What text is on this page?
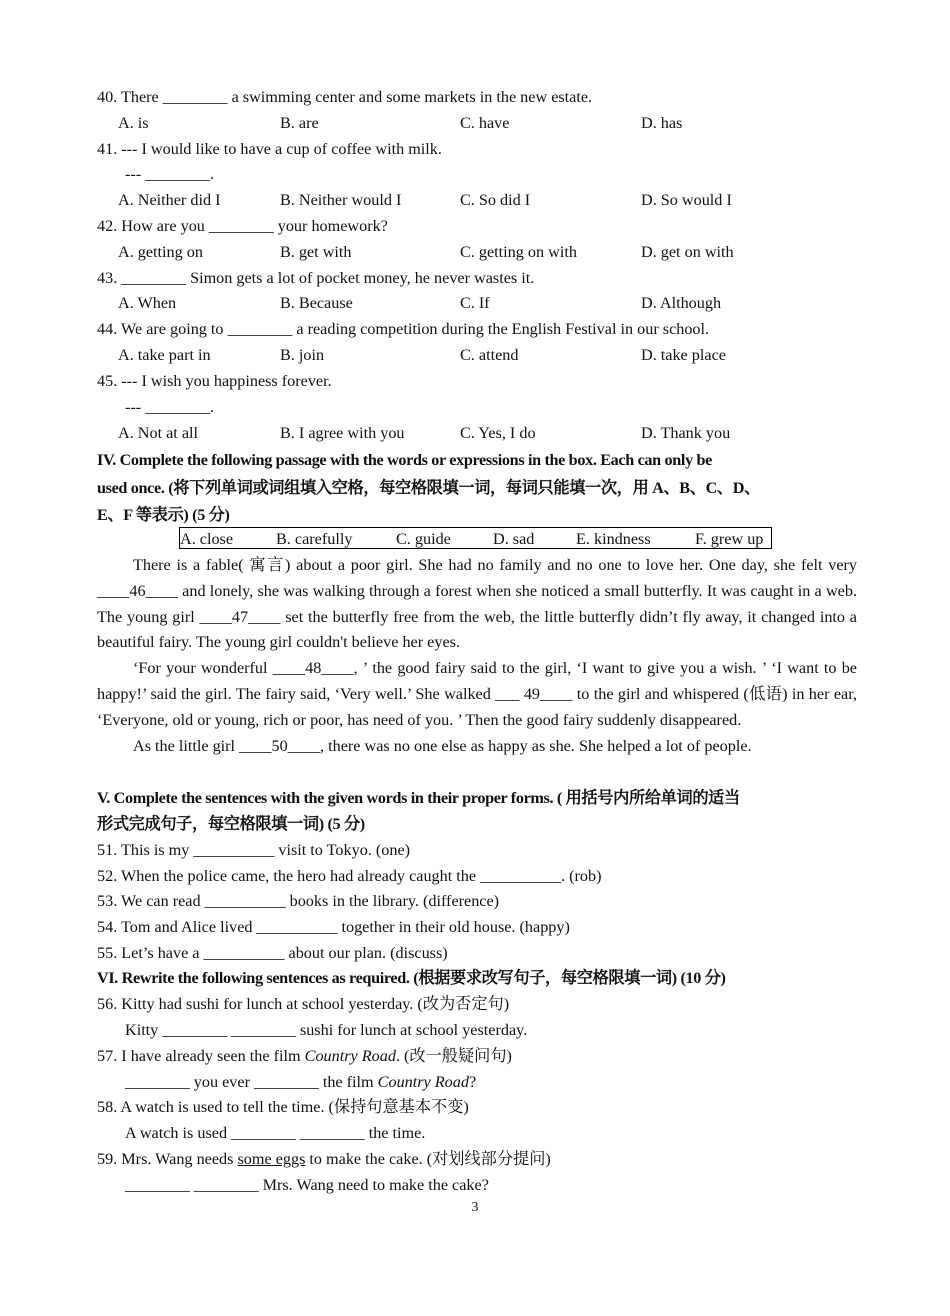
40. There ________ a swimming center and some markets in the new estate.
A. is	B. are	C. have	D. has
41. --- I would like to have a cup of coffee with milk.
--- ________.
A. Neither did I	B. Neither would I	C. So did I	D. So would I
42. How are you ________ your homework?
A. getting on	B. get with	C. getting on with	D. get on with
43. ________ Simon gets a lot of pocket money, he never wastes it.
A. When	B. Because	C. If	D. Although
44. We are going to ________ a reading competition during the English Festival in our school.
A. take part in	B. join	C. attend	D. take place
45. --- I wish you happiness forever.
--- ________.
A. Not at all	B. I agree with you	C. Yes, I do	D. Thank you
IV. Complete the following passage with the words or expressions in the box. Each can only be
used once. (将下列单词或词组填入空格，每空格限填一词，每词只能填一次，用 A、B、C、D、
E、F 等表示) (5 分)
A. close	B. carefully	C. guide	D. sad	E. kindness	F. grew up

There is a fable( 寓言) about a poor girl. She had no family and no one to love her. One day, she felt very ____46____ and lonely, she was walking through a forest when she noticed a small butterfly. It was caught in a web. The young girl ____47____ set the butterfly free from the web, the little butterfly didn’t fly away, it changed into a beautiful fairy. The young girl couldn't believe her eyes.

‘For your wonderful ____48____, ’ the good fairy said to the girl, ‘I want to give you a wish. ’ ‘I want to be happy!’ said the girl. The fairy said, ‘Very well.’ She walked ___ 49____ to the girl and whispered (低语) in her ear, ‘Everyone, old or young, rich or poor, has need of you. ’ Then the good fairy suddenly disappeared.

As the little girl ____50____, there was no one else as happy as she. She helped a lot of people.

V. Complete the sentences with the given words in their proper forms. ( 用括号内所给单词的适当
形式完成句子，每空格限填一词) (5 分)
51. This is my __________ visit to Tokyo. (one)
52. When the police came, the hero had already caught the __________. (rob)
53. We can read __________ books in the library. (difference)
54. Tom and Alice lived __________ together in their old house. (happy)
55. Let’s have a __________ about our plan. (discuss)
VI. Rewrite the following sentences as required. (根据要求改写句子，每空格限填一词) (10 分)
56. Kitty had sushi for lunch at school yesterday. (改为否定句)
Kitty ________ ________ sushi for lunch at school yesterday.
57. I have already seen the film Country Road. (改一般疑问句)
________ you ever ________ the film Country Road?
58. A watch is used to tell the time. (保持句意基本不变)
A watch is used ________ ________ the time.
59. Mrs. Wang needs some eggs to make the cake. (对划线部分提问)
________ ________ Mrs. Wang need to make the cake?
3
